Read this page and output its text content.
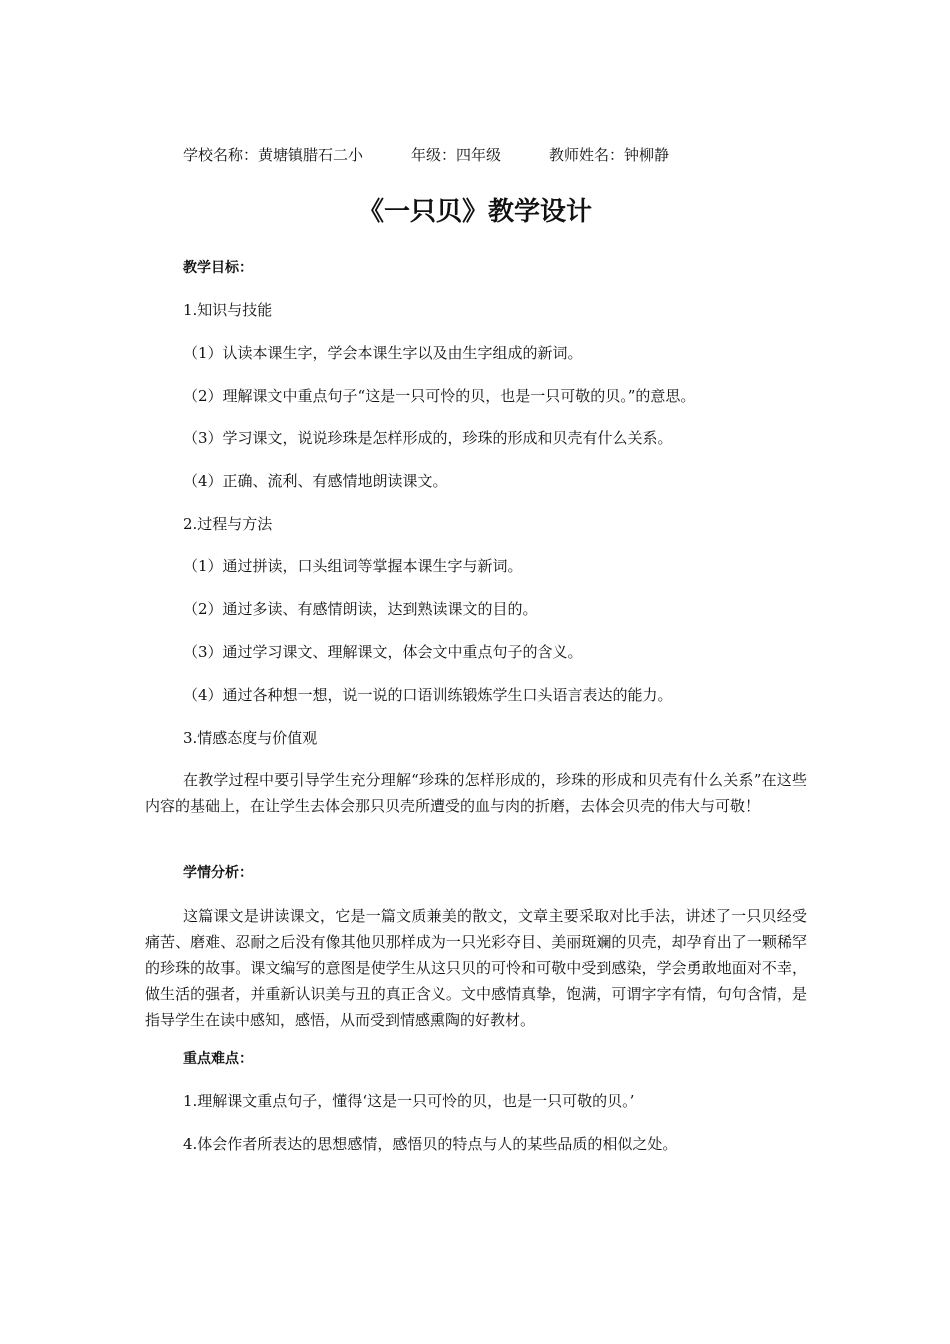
学校名称：黄塘镇腊石二小	年级：四年级	教师姓名：钟柳静
《一只贝》教学设计
教学目标：
1.知识与技能
（1）认读本课生字，学会本课生字以及由生字组成的新词。
（2）理解课文中重点句子“这是一只可怜的贝，也是一只可敬的贝。”的意思。
（3）学习课文，说说珍珠是怎样形成的，珍珠的形成和贝壳有什么关系。
（4）正确、流利、有感情地朗读课文。
2.过程与方法
（1）通过拼读，口头组词等掌握本课生字与新词。
（2）通过多读、有感情朗读，达到熟读课文的目的。
（3）通过学习课文、理解课文，体会文中重点句子的含义。
（4）通过各种想一想，说一说的口语训练锻炼学生口头语言表达的能力。
3.情感态度与价值观
在教学过程中要引导学生充分理解“珍珠的怎样形成的，珍珠的形成和贝壳有什么关系”在这些内容的基础上，在让学生去体会那只贝壳所遭受的血与肉的折磨，去体会贝壳的伟大与可敬！
学情分析：
这篇课文是讲读课文，它是一篇文质兼美的散文，文章主要采取对比手法，讲述了一只贝经受痛苦、磨难、忍耐之后没有像其他贝那样成为一只光彩夺目、美丽斑斓的贝壳，却孕育出了一颗稀罕的珍珠的故事。课文编写的意图是使学生从这只贝的可怜和可敬中受到感染，学会勇敢地面对不幸，做生活的强者，并重新认识美与丑的真正含义。文中感情真挚，饱满，可谓字字有情，句句含情，是指导学生在读中感知，感悟，从而受到情感熏陶的好教材。
重点难点：
1.理解课文重点句子，懂得‘这是一只可怜的贝，也是一只可敬的贝。’
4.体会作者所表达的思想感情，感悟贝的特点与人的某些品质的相似之处。
